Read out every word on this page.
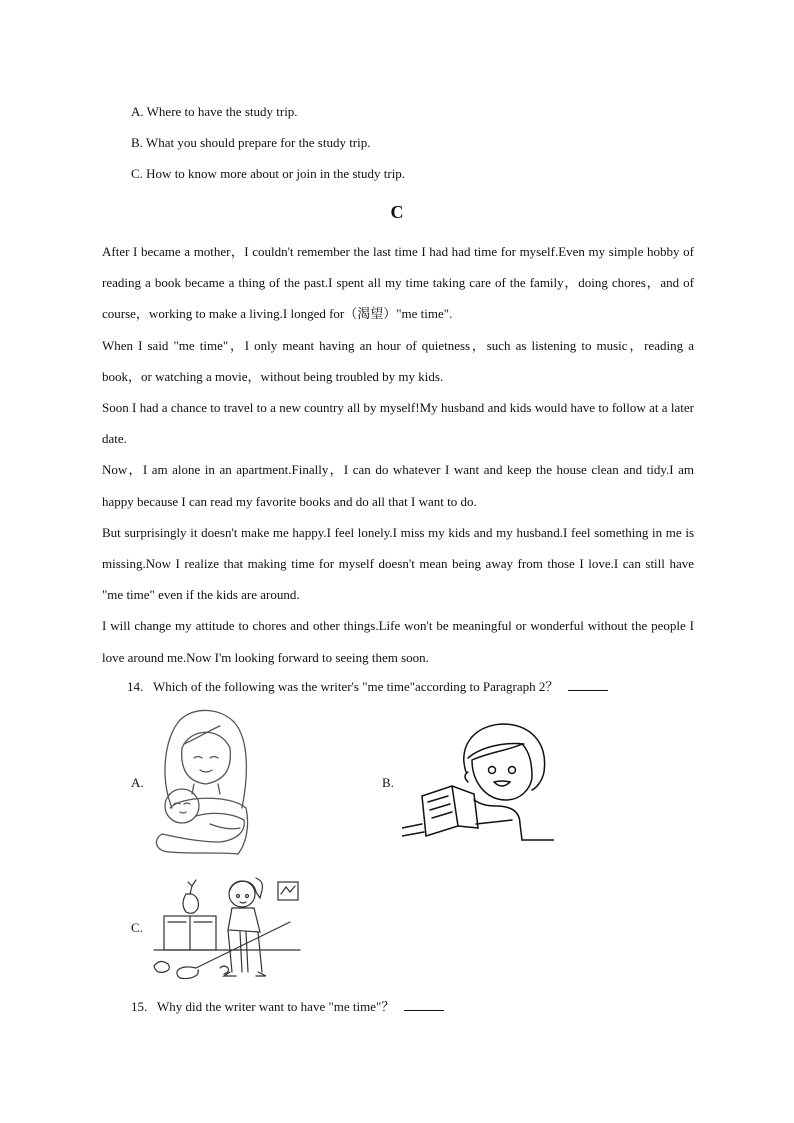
A. Where to have the study trip.
B. What you should prepare for the study trip.
C. How to know more about or join in the study trip.
C

After I became a mother，I couldn't remember the last time I had had time for myself.Even my simple hobby of reading a book became a thing of the past.I spent all my time taking care of the family，doing chores，and of course，working to make a living.I longed for（渴望）"me time".

When I said "me time"，I only meant having an hour of quietness，such as listening to music，reading a book，or watching a movie，without being troubled by my kids.

Soon I had a chance to travel to a new country all by myself!My husband and kids would have to follow at a later date.

Now，I am alone in an apartment.Finally，I can do whatever I want and keep the house clean and tidy.I am happy because I can read my favorite books and do all that I want to do.

But surprisingly it doesn't make me happy.I feel lonely.I miss my kids and my husband.I feel something in me is missing.Now I realize that making time for myself doesn't mean being away from those I love.I can still have "me time" even if the kids are around.

I will change my attitude to chores and other things.Life won't be meaningful or wonderful without the people I love around me.Now I'm looking forward to seeing them soon.

14. Which of the following was the writer's "me time"according to Paragraph 2？
A.	B.
C.
15. Why did the writer want to have "me time"？
